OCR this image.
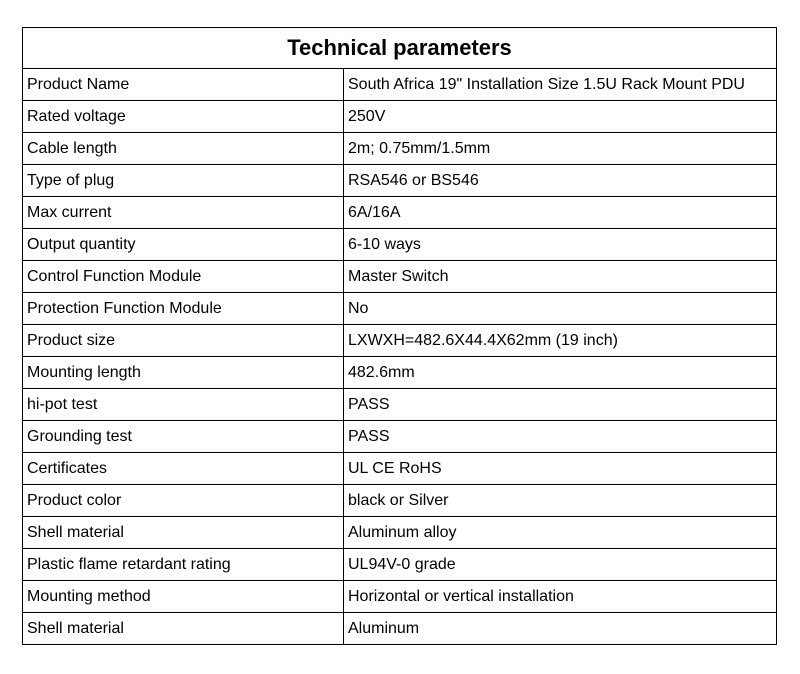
Technical parameters	
Product Name	South Africa 19" Installation Size 1.5U Rack Mount PDU
Rated voltage	250V
Cable length	2m; 0.75mm/1.5mm
Type of plug	RSA546 or BS546
Max current	6A/16A
Output quantity	6-10 ways
Control Function Module	Master Switch
Protection Function Module	No
Product size	LXWXH=482.6X44.4X62mm (19 inch)
Mounting length	482.6mm
hi-pot test	PASS
Grounding test	PASS
Certificates	UL CE RoHS
Product color	black or Silver
Shell material	Aluminum alloy
Plastic flame retardant rating	UL94V-0 grade
Mounting method	Horizontal or vertical installation
Shell material	Aluminum
